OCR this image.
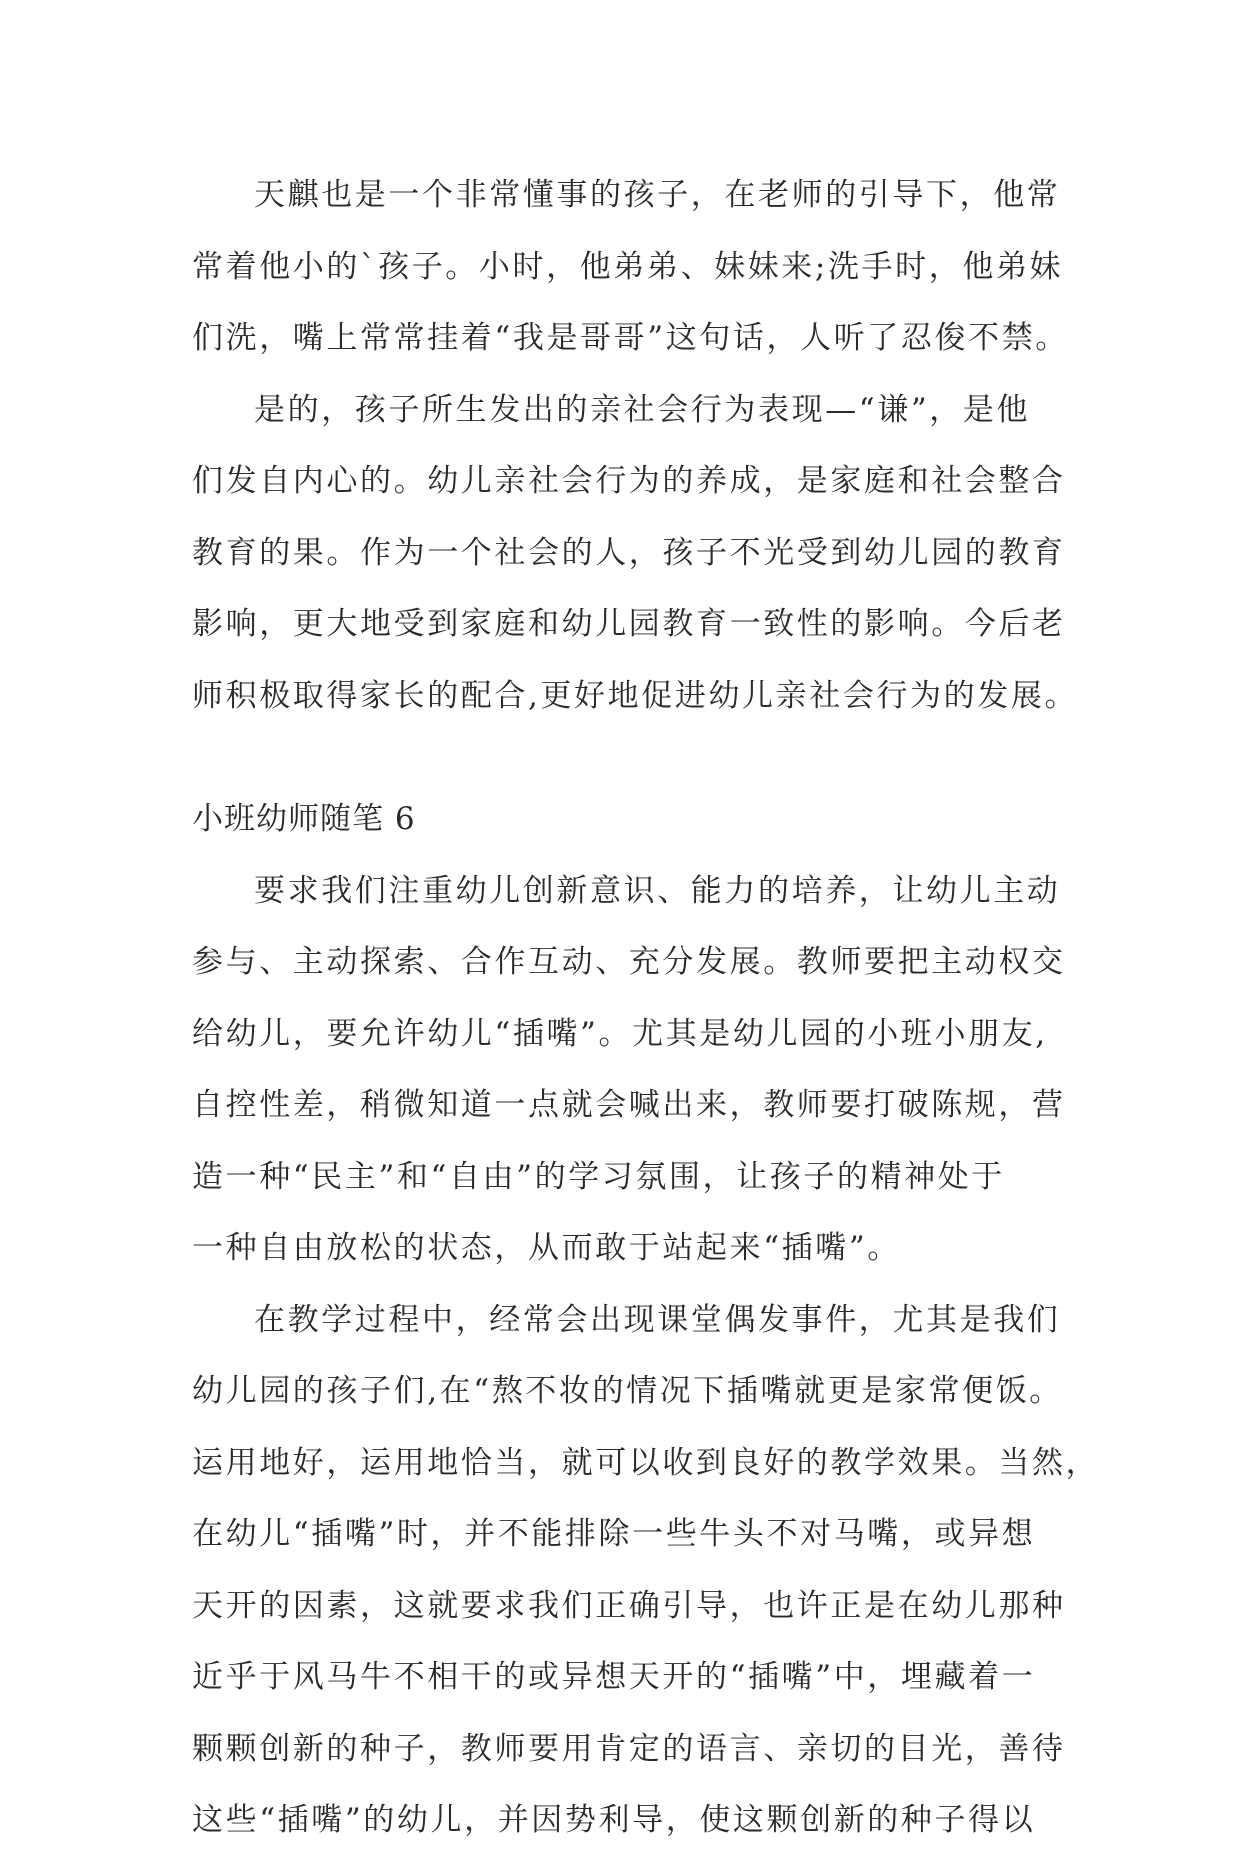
天麒也是一个非常懂事的孩子，在老师的引导下，他常
常着他小的`孩子。小时，他弟弟、妹妹来;洗手时，他弟妹
们洗，嘴上常常挂着“我是哥哥”这句话，人听了忍俊不禁。

是的，孩子所生发出的亲社会行为表现—“谦”，是他
们发自内心的。幼儿亲社会行为的养成，是家庭和社会整合
教育的果。作为一个社会的人，孩子不光受到幼儿园的教育
影响，更大地受到家庭和幼儿园教育一致性的影响。今后老
师积极取得家长的配合,更好地促进幼儿亲社会行为的发展。

小班幼师随笔 6

要求我们注重幼儿创新意识、能力的培养，让幼儿主动
参与、主动探索、合作互动、充分发展。教师要把主动权交
给幼儿，要允许幼儿“插嘴”。尤其是幼儿园的小班小朋友,
自控性差，稍微知道一点就会喊出来，教师要打破陈规，营
造一种“民主”和“自由”的学习氛围，让孩子的精神处于
一种自由放松的状态，从而敢于站起来“插嘴”。

在教学过程中，经常会出现课堂偶发事件，尤其是我们
幼儿园的孩子们,在“熬不妆的情况下插嘴就更是家常便饭。
运用地好，运用地恰当，就可以收到良好的教学效果。当然，
在幼儿“插嘴”时，并不能排除一些牛头不对马嘴，或异想
天开的因素，这就要求我们正确引导，也许正是在幼儿那种
近乎于风马牛不相干的或异想天开的“插嘴”中，埋藏着一
颗颗创新的种子，教师要用肯定的语言、亲切的目光，善待
这些“插嘴”的幼儿，并因势利导，使这颗创新的种子得以
